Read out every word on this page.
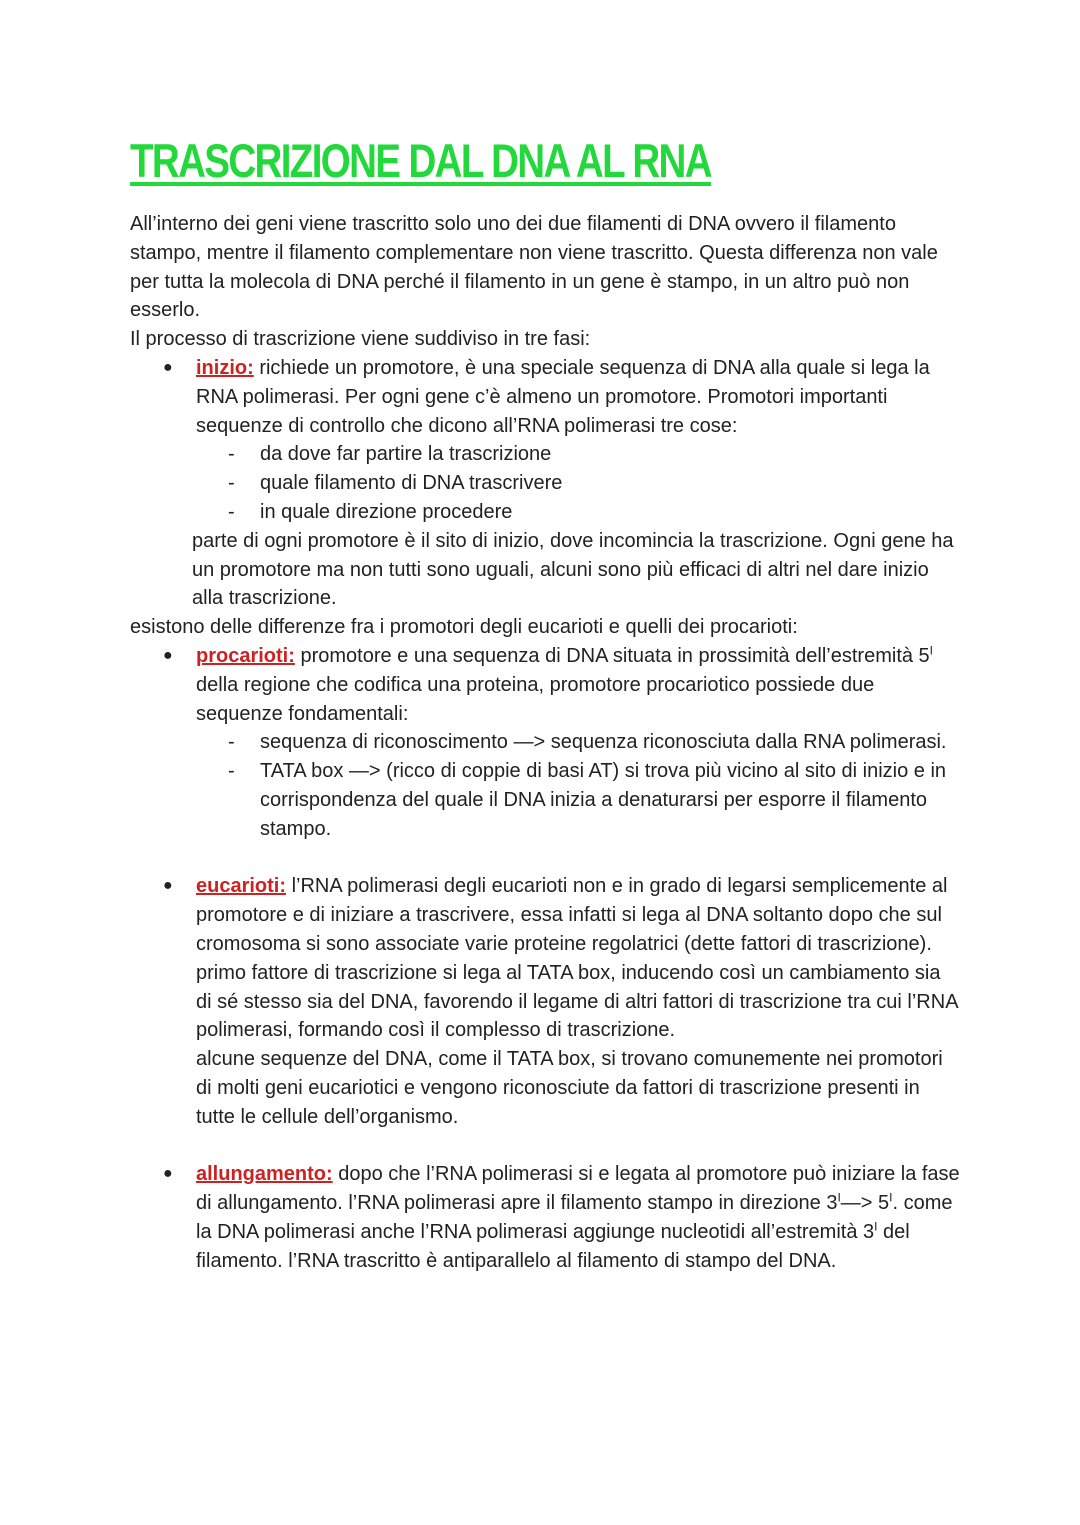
TRASCRIZIONE DAL DNA AL RNA

All’interno dei geni viene trascritto solo uno dei due filamenti di DNA ovvero il filamento stampo, mentre il filamento complementare non viene trascritto. Questa differenza non vale per tutta la molecola di DNA perché il filamento in un gene è stampo, in un altro può non esserlo.

Il processo di trascrizione viene suddiviso in tre fasi:

● inizio: richiede un promotore, è una speciale sequenza di DNA alla quale si lega la RNA polimerasi. Per ogni gene c’è almeno un promotore. Promotori importanti sequenze di controllo che dicono all’RNA polimerasi tre cose:
- da dove far partire la trascrizione
- quale filamento di DNA trascrivere
- in quale direzione procedere

parte di ogni promotore è il sito di inizio, dove incomincia la trascrizione. Ogni gene ha un promotore ma non tutti sono uguali, alcuni sono più efficaci di altri nel dare inizio alla trascrizione.

esistono delle differenze fra i promotori degli eucarioti e quelli dei procarioti:

● procarioti: promotore e una sequenza di DNA situata in prossimità dell’estremità $5^I$ della regione che codifica una proteina, promotore procariotico possiede due sequenze fondamentali:
- sequenza di riconoscimento —> sequenza riconosciuta dalla RNA polimerasi.
- TATA box —> (ricco di coppie di basi AT) si trova più vicino al sito di inizio e in corrispondenza del quale il DNA inizia a denaturarsi per esporre il filamento stampo.
● eucarioti: l’RNA polimerasi degli eucarioti non e in grado di legarsi semplicemente al promotore e di iniziare a trascrivere, essa infatti si lega al DNA soltanto dopo che sul cromosoma si sono associate varie proteine regolatrici (dette fattori di trascrizione). primo fattore di trascrizione si lega al TATA box, inducendo così un cambiamento sia di sé stesso sia del DNA, favorendo il legame di altri fattori di trascrizione tra cui l’RNA polimerasi, formando così il complesso di trascrizione.

alcune sequenze del DNA, come il TATA box, si trovano comunemente nei promotori di molti geni eucariotici e vengono riconosciute da fattori di trascrizione presenti in tutte le cellule dell’organismo.

● allungamento: dopo che l’RNA polimerasi si e legata al promotore può iniziare la fase di allungamento. l’RNA polimerasi apre il filamento stampo in direzione $3^I—> 5^I$. come la DNA polimerasi anche l’RNA polimerasi aggiunge nucleotidi all’estremità $3^I$ del filamento. l’RNA trascritto è antiparallelo al filamento di stampo del DNA.
